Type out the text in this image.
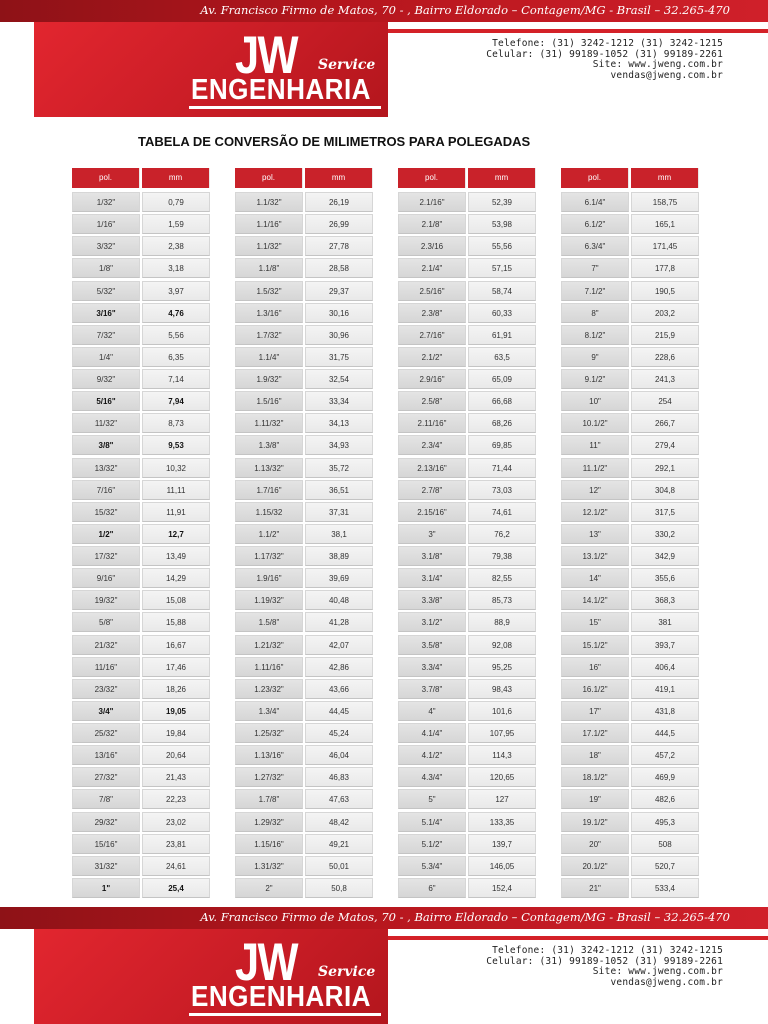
Av. Francisco Firmo de Matos, 70 - , Bairro Eldorado – Contagem/MG - Brasil – 32.265-470
JW Service
ENGENHARIA
Telefone: (31) 3242-1212 (31) 3242-1215
Celular: (31) 99189-1052 (31) 99189-2261
Site: www.jweng.com.br
vendas@jweng.com.br
TABELA DE CONVERSÃO DE MILIMETROS PARA POLEGADAS
pol.	mm
1/32"	0,79
1/16"	1,59
3/32"	2,38
1/8"	3,18
5/32"	3,97
3/16"	4,76
7/32"	5,56
1/4"	6,35
9/32"	7,14
5/16"	7,94
11/32"	8,73
3/8"	9,53
13/32"	10,32
7/16"	11,11
15/32"	11,91
1/2"	12,7
17/32"	13,49
9/16"	14,29
19/32"	15,08
5/8"	15,88
21/32"	16,67
11/16"	17,46
23/32"	18,26
3/4"	19,05
25/32"	19,84
13/16"	20,64
27/32"	21,43
7/8"	22,23
29/32"	23,02
15/16"	23,81
31/32"	24,61
1"	25,4
pol.	mm
1.1/32"	26,19
1.1/16"	26,99
1.1/32"	27,78
1.1/8"	28,58
1.5/32"	29,37
1.3/16"	30,16
1.7/32"	30,96
1.1/4"	31,75
1.9/32"	32,54
1.5/16"	33,34
1.11/32"	34,13
1.3/8"	34,93
1.13/32"	35,72
1.7/16"	36,51
1.15/32	37,31
1.1/2"	38,1
1.17/32"	38,89
1.9/16"	39,69
1.19/32"	40,48
1.5/8"	41,28
1.21/32"	42,07
1.11/16"	42,86
1.23/32"	43,66
1.3/4"	44,45
1.25/32"	45,24
1.13/16"	46,04
1.27/32"	46,83
1.7/8"	47,63
1.29/32"	48,42
1.15/16"	49,21
1.31/32"	50,01
2"	50,8
pol.	mm
2.1/16"	52,39
2.1/8"	53,98
2.3/16	55,56
2.1/4"	57,15
2.5/16"	58,74
2.3/8"	60,33
2.7/16"	61,91
2.1/2"	63,5
2.9/16"	65,09
2.5/8"	66,68
2.11/16"	68,26
2.3/4"	69,85
2.13/16"	71,44
2.7/8"	73,03
2.15/16"	74,61
3"	76,2
3.1/8"	79,38
3.1/4"	82,55
3.3/8"	85,73
3.1/2"	88,9
3.5/8"	92,08
3.3/4"	95,25
3.7/8"	98,43
4"	101,6
4.1/4"	107,95
4.1/2"	114,3
4.3/4"	120,65
5"	127
5.1/4"	133,35
5.1/2"	139,7
5.3/4"	146,05
6"	152,4
pol.	mm
6.1/4"	158,75
6.1/2"	165,1
6.3/4"	171,45
7"	177,8
7.1/2"	190,5
8"	203,2
8.1/2"	215,9
9"	228,6
9.1/2"	241,3
10"	254
10.1/2"	266,7
11"	279,4
11.1/2"	292,1
12"	304,8
12.1/2"	317,5
13"	330,2
13.1/2"	342,9
14"	355,6
14.1/2"	368,3
15"	381
15.1/2"	393,7
16"	406,4
16.1/2"	419,1
17"	431,8
17.1/2"	444,5
18"	457,2
18.1/2"	469,9
19"	482,6
19.1/2"	495,3
20"	508
20.1/2"	520,7
21"	533,4
Av. Francisco Firmo de Matos, 70 - , Bairro Eldorado – Contagem/MG - Brasil – 32.265-470
JW Service
ENGENHARIA
Telefone: (31) 3242-1212 (31) 3242-1215
Celular: (31) 99189-1052 (31) 99189-2261
Site: www.jweng.com.br
vendas@jweng.com.br
